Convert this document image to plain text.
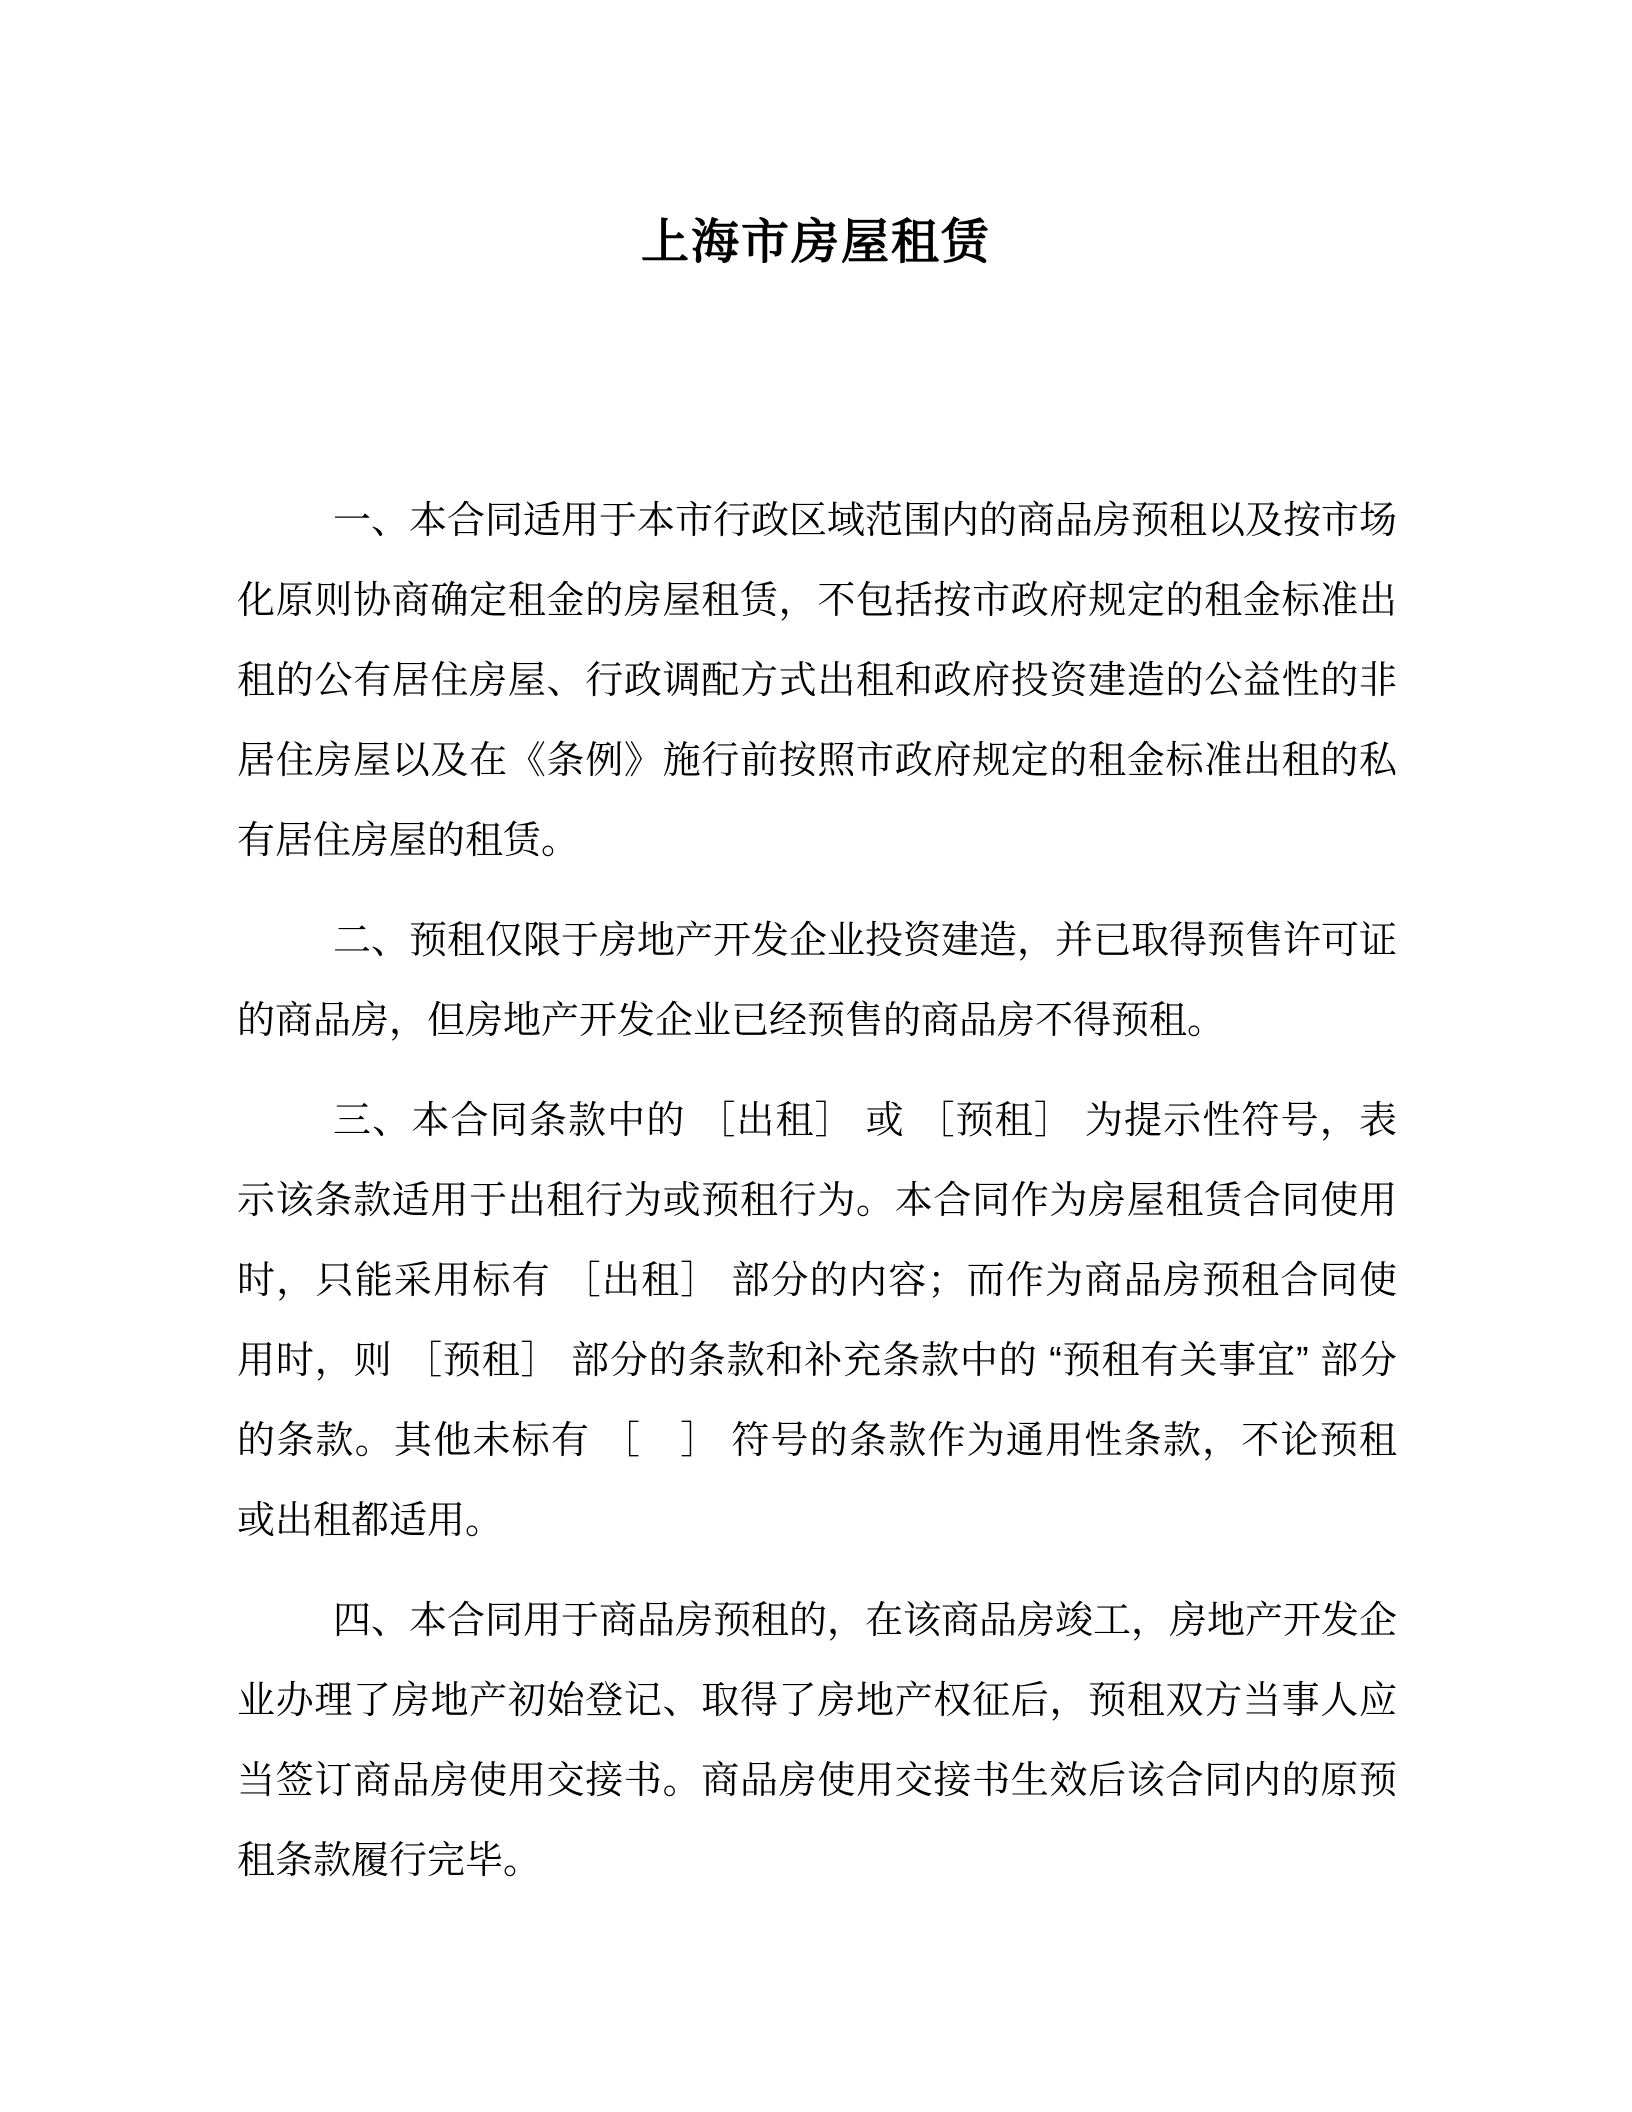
上海市房屋租赁

一、本合同适用于本市行政区域范围内的商品房预租以及按市场化原则协商确定租金的房屋租赁，不包括按市政府规定的租金标准出租的公有居住房屋、行政调配方式出租和政府投资建造的公益性的非居住房屋以及在《条例》施行前按照市政府规定的租金标准出租的私有居住房屋的租赁。

二、预租仅限于房地产开发企业投资建造，并已取得预售许可证的商品房，但房地产开发企业已经预售的商品房不得预租。

三、本合同条款中的 ［出租］ 或 ［预租］ 为提示性符号，表示该条款适用于出租行为或预租行为。本合同作为房屋租赁合同使用时，只能采用标有 ［出租］ 部分的内容；而作为商品房预租合同使用时，则 ［预租］ 部分的条款和补充条款中的 “预租有关事宜” 部分的条款。其他未标有 ［　］ 符号的条款作为通用性条款，不论预租或出租都适用。

四、本合同用于商品房预租的，在该商品房竣工，房地产开发企业办理了房地产初始登记、取得了房地产权征后，预租双方当事人应当签订商品房使用交接书。商品房使用交接书生效后该合同内的原预租条款履行完毕。
